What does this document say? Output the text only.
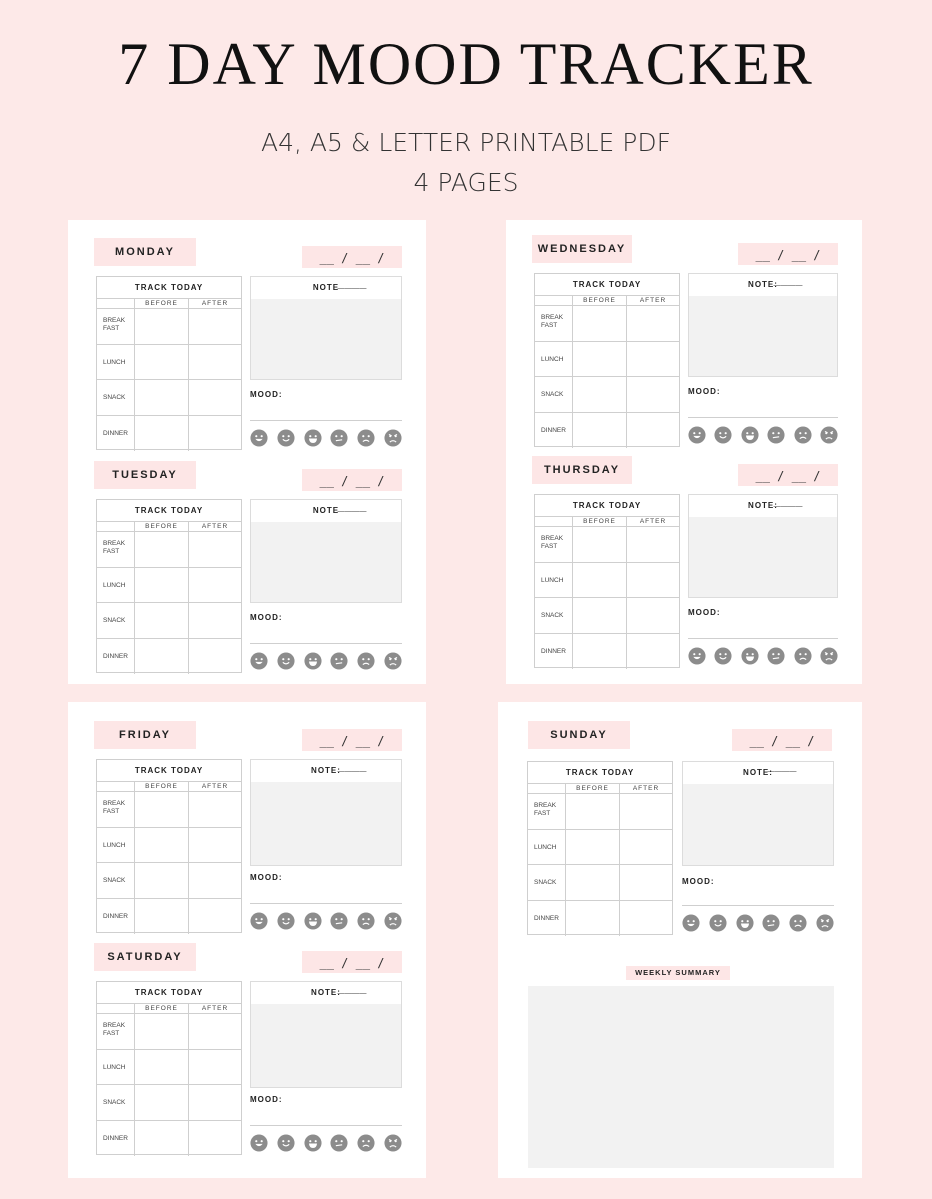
7 DAY MOOD TRACKER
A4, A5 & LETTER PRINTABLE PDF
4 PAGES
MONDAY	__ / __ / ____
TRACK TODAY
BEFORE	AFTER
BREAK FAST
LUNCH
SNACK
DINNER
NOTE
MOOD:
TUESDAY	__ / __ / ____
TRACK TODAY
BEFORE	AFTER
BREAK FAST
LUNCH
SNACK
DINNER
NOTE
MOOD:
WEDNESDAY	__ / __ / ____
TRACK TODAY
BEFORE	AFTER
BREAK FAST
LUNCH
SNACK
DINNER
NOTE:
MOOD:
THURSDAY	__ / __ / ____
TRACK TODAY
BEFORE	AFTER
BREAK FAST
LUNCH
SNACK
DINNER
NOTE:
MOOD:
FRIDAY	__ / __ / ____
TRACK TODAY
BEFORE	AFTER
BREAK FAST
LUNCH
SNACK
DINNER
NOTE:
MOOD:
SATURDAY	__ / __ / ____
TRACK TODAY
BEFORE	AFTER
BREAK FAST
LUNCH
SNACK
DINNER
NOTE:
MOOD:
SUNDAY	__ / __ / ____
TRACK TODAY
BEFORE	AFTER
BREAK FAST
LUNCH
SNACK
DINNER
NOTE:
MOOD:
WEEKLY SUMMARY
